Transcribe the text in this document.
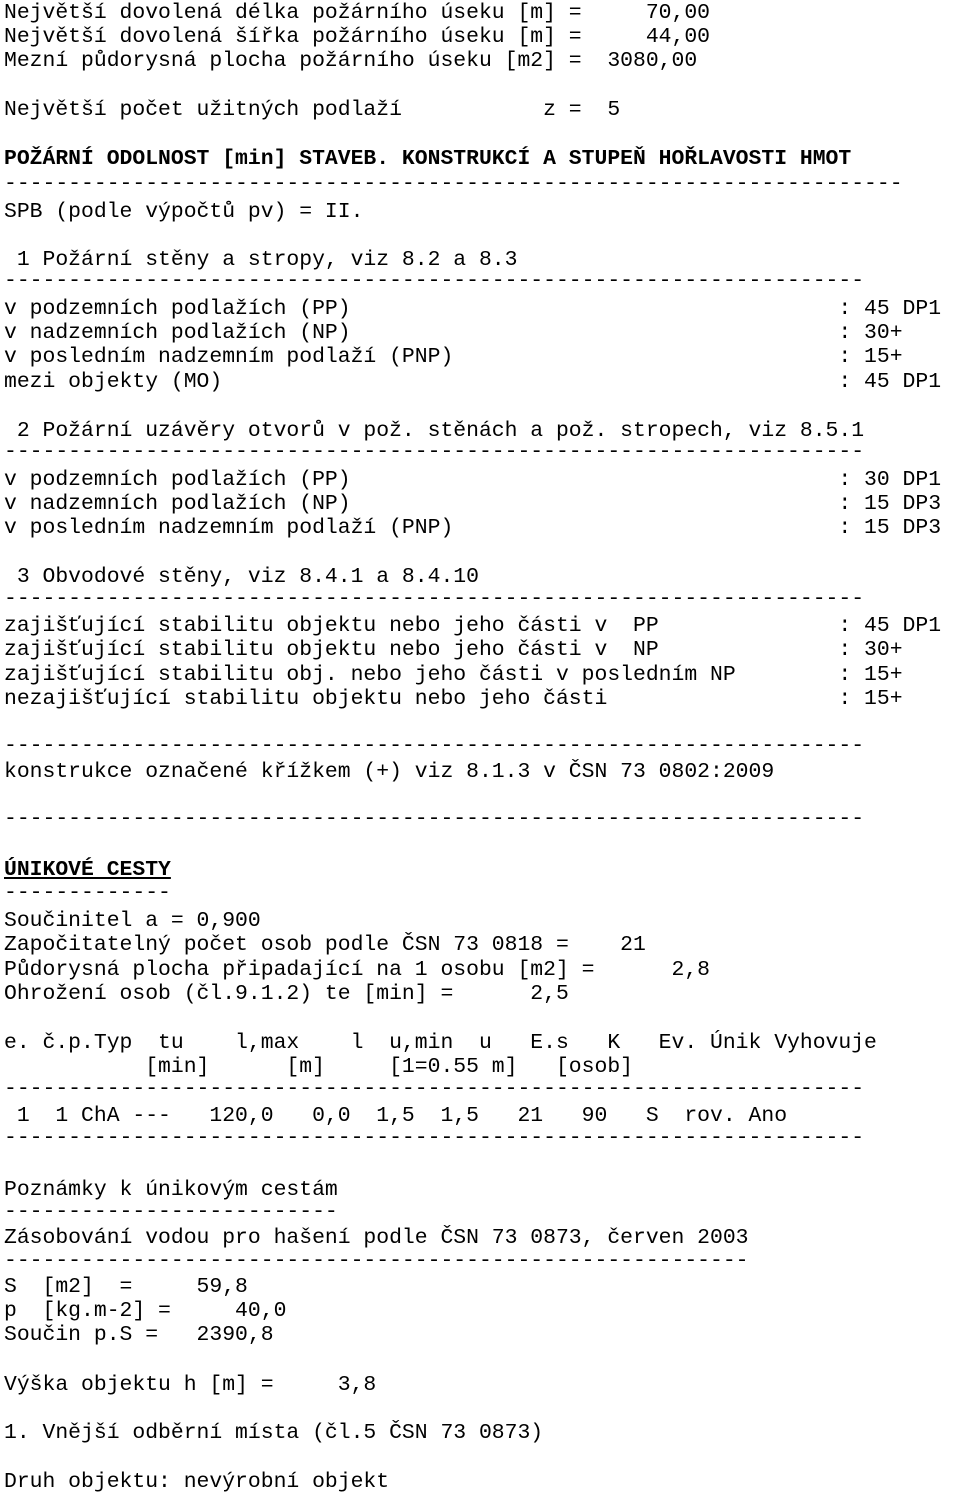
Největší dovolená délka požárního úseku [m] =     70,00
Největší dovolená šířka požárního úseku [m] =     44,00
Mezní půdorysná plocha požárního úseku [m2] =  3080,00
Největší počet užitných podlaží           z =  5
POŽÁRNÍ ODOLNOST [min] STAVEB. KONSTRUKCÍ A STUPEŇ HOŘLAVOSTI HMOT
----------------------------------------------------------------------
SPB (podle výpočtů pv) = II.
1 Požární stěny a stropy, viz 8.2 a 8.3
-------------------------------------------------------------------
v podzemních podlažích (PP)                                      : 45 DP1
v nadzemních podlažích (NP)                                      : 30+
v posledním nadzemním podlaží (PNP)                              : 15+
mezi objekty (MO)                                                : 45 DP1
2 Požární uzávěry otvorů v pož. stěnách a pož. stropech, viz 8.5.1
-------------------------------------------------------------------
v podzemních podlažích (PP)                                      : 30 DP1
v nadzemních podlažích (NP)                                      : 15 DP3
v posledním nadzemním podlaží (PNP)                              : 15 DP3
3 Obvodové stěny, viz 8.4.1 a 8.4.10
-------------------------------------------------------------------
zajišťující stabilitu objektu nebo jeho části v  PP              : 45 DP1
zajišťující stabilitu objektu nebo jeho části v  NP              : 30+
zajišťující stabilitu obj. nebo jeho části v posledním NP        : 15+
nezajišťující stabilitu objektu nebo jeho části                  : 15+
-------------------------------------------------------------------
konstrukce označené křížkem (+) viz 8.1.3 v ČSN 73 0802:2009
-------------------------------------------------------------------
ÚNIKOVÉ CESTY
-------------
Součinitel a = 0,900
Započitatelný počet osob podle ČSN 73 0818 =    21
Půdorysná plocha připadající na 1 osobu [m2] =      2,8
Ohrožení osob (čl.9.1.2) te [min] =      2,5
e. č.p.Typ  tu    l,max    l  u,min  u   E.s   K   Ev. Únik Vyhovuje
[min]      [m]     [1=0.55 m]   [osob]
-------------------------------------------------------------------
1  1 ChA ---   120,0   0,0  1,5  1,5   21   90   S  rov. Ano
-------------------------------------------------------------------
Poznámky k únikovým cestám
--------------------------
Zásobování vodou pro hašení podle ČSN 73 0873, červen 2003
----------------------------------------------------------
S  [m2]  =     59,8
p  [kg.m-2] =     40,0
Součin p.S =   2390,8
Výška objektu h [m] =     3,8
1. Vnější odběrní místa (čl.5 ČSN 73 0873)
Druh objektu: nevýrobní objekt
